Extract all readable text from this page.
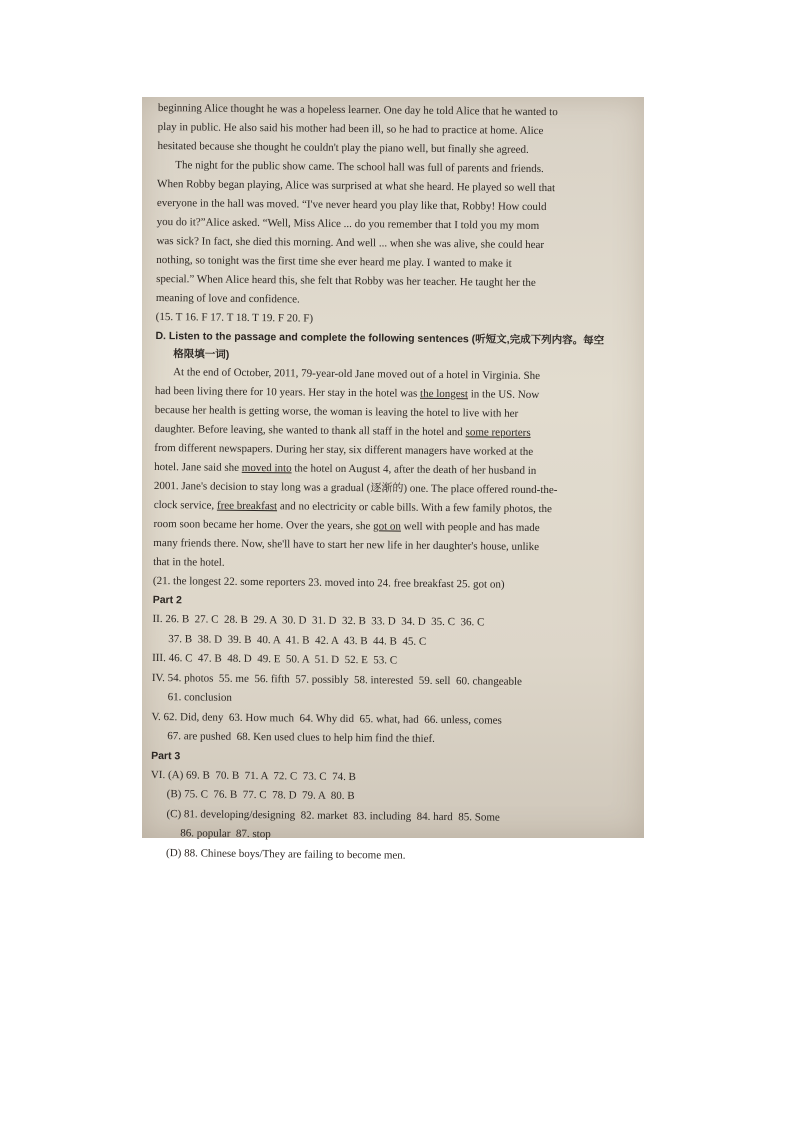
beginning Alice thought he was a hopeless learner. One day he told Alice that he wanted to
play in public. He also said his mother had been ill, so he had to practice at home. Alice
hesitated because she thought he couldn't play the piano well, but finally she agreed.

The night for the public show came. The school hall was full of parents and friends.
When Robby began playing, Alice was surprised at what she heard. He played so well that
everyone in the hall was moved. “I've never heard you play like that, Robby! How could
you do it?”Alice asked. “Well, Miss Alice ... do you remember that I told you my mom
was sick? In fact, she died this morning. And well ... when she was alive, she could hear
nothing, so tonight was the first time she ever heard me play. I wanted to make it
special.” When Alice heard this, she felt that Robby was her teacher. He taught her the
meaning of love and confidence.

(15. T 16. F 17. T 18. T 19. F 20. F)
D. Listen to the passage and complete the following sentences (听短文,完成下列内容。每空
格限填一词)

At the end of October, 2011, 79-year-old Jane moved out of a hotel in Virginia. She
had been living there for 10 years. Her stay in the hotel was the longest in the US. Now
because her health is getting worse, the woman is leaving the hotel to live with her
daughter. Before leaving, she wanted to thank all staff in the hotel and some reporters
from different newspapers. During her stay, six different managers have worked at the
hotel. Jane said she moved into the hotel on August 4, after the death of her husband in
2001. Jane's decision to stay long was a gradual (逐渐的) one. The place offered round-the-
clock service, free breakfast and no electricity or cable bills. With a few family photos, the
room soon became her home. Over the years, she got on well with people and has made
many friends there. Now, she'll have to start her new life in her daughter's house, unlike
that in the hotel.

(21. the longest 22. some reporters 23. moved into 24. free breakfast 25. got on)
Part 2
II. 26. B  27. C  28. B  29. A  30. D  31. D  32. B  33. D  34. D  35. C  36. C
37. B  38. D  39. B  40. A  41. B  42. A  43. B  44. B  45. C
III. 46. C  47. B  48. D  49. E  50. A  51. D  52. E  53. C
IV. 54. photos  55. me  56. fifth  57. possibly  58. interested  59. sell  60. changeable
61. conclusion
V. 62. Did, deny  63. How much  64. Why did  65. what, had  66. unless, comes
67. are pushed  68. Ken used clues to help him find the thief.
Part 3
VI. (A) 69. B  70. B  71. A  72. C  73. C  74. B
(B) 75. C  76. B  77. C  78. D  79. A  80. B
(C) 81. developing/designing  82. market  83. including  84. hard  85. Some
86. popular  87. stop
(D) 88. Chinese boys/They are failing to become men.
